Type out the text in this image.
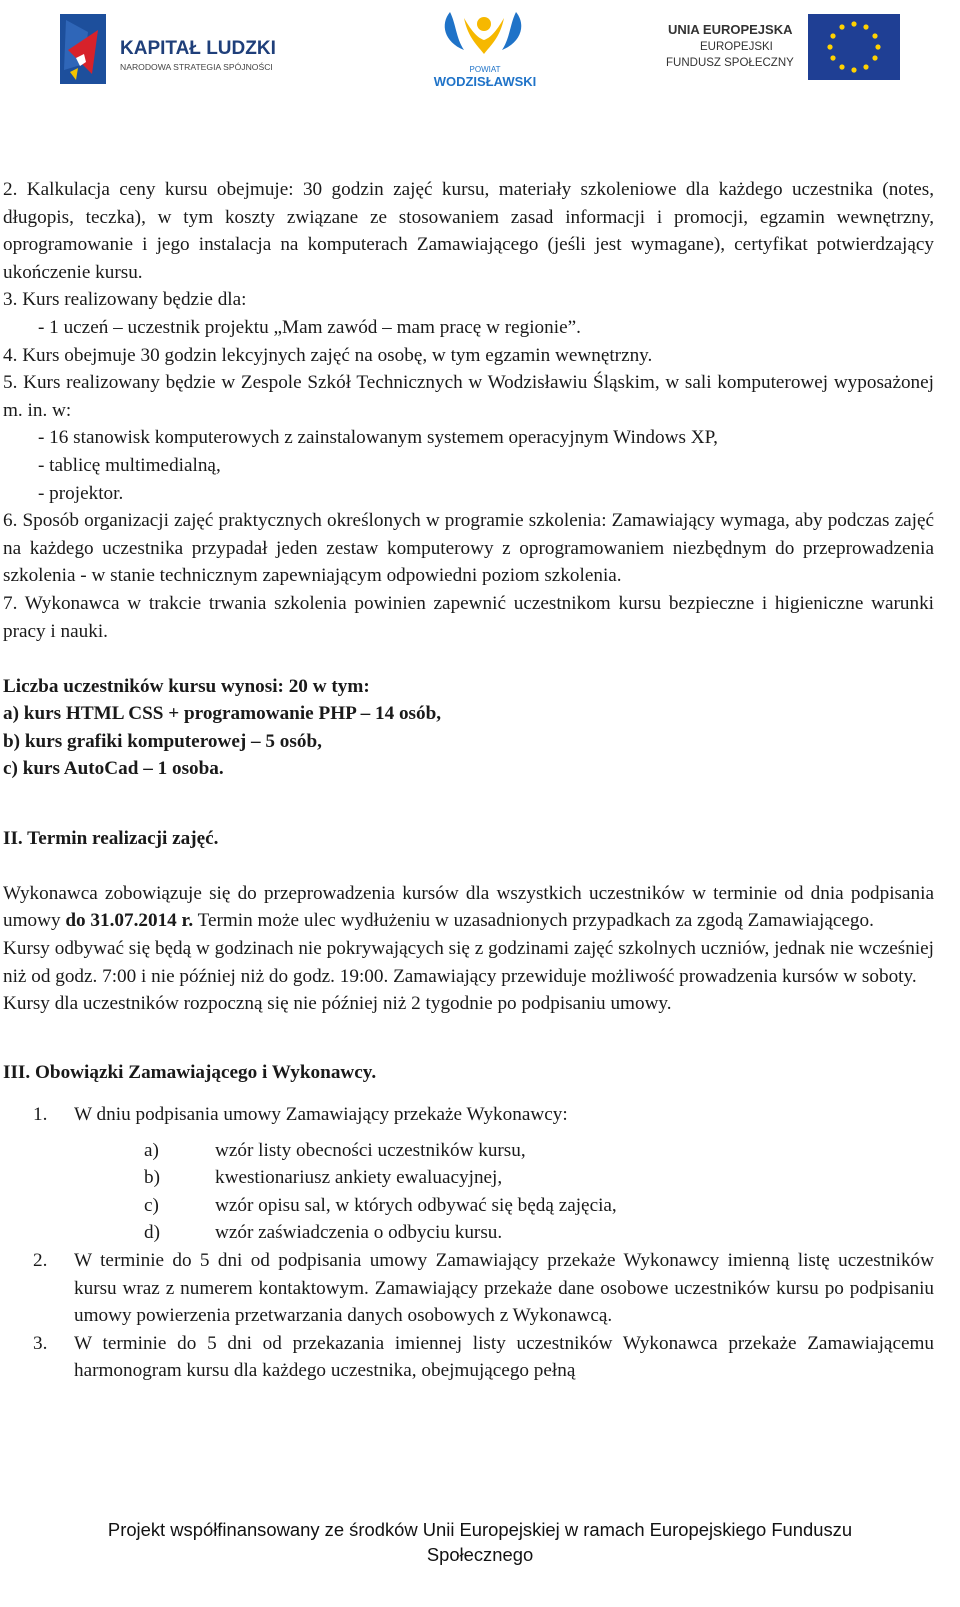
KAPITAŁ LUDZKI
NARODOWA STRATEGIA SPÓJNOŚCI	POWIAT
WODZISŁAWSKI
UNIA EUROPEJSKA
EUROPEJSKI
FUNDUSZ SPOŁECZNY

2. Kalkulacja ceny kursu obejmuje: 30 godzin zajęć kursu, materiały szkoleniowe dla każdego uczestnika (notes, długopis, teczka), w tym koszty związane ze stosowaniem zasad informacji i promocji, egzamin wewnętrzny, oprogramowanie i jego instalacja na komputerach Zamawiającego (jeśli jest wymagane), certyfikat potwierdzający ukończenie kursu.

3. Kurs realizowany będzie dla:

- 1 uczeń – uczestnik projektu „Mam zawód – mam pracę w regionie”.

4. Kurs obejmuje 30 godzin lekcyjnych zajęć na osobę, w tym egzamin wewnętrzny.

5. Kurs realizowany będzie w Zespole Szkół Technicznych w Wodzisławiu Śląskim, w sali komputerowej wyposażonej m. in. w:

- 16 stanowisk komputerowych z zainstalowanym systemem operacyjnym Windows XP,

- tablicę multimedialną,

- projektor.

6. Sposób organizacji zajęć praktycznych określonych w programie szkolenia: Zamawiający wymaga, aby podczas zajęć na każdego uczestnika przypadał jeden zestaw komputerowy z oprogramowaniem niezbędnym do przeprowadzenia szkolenia - w stanie technicznym zapewniającym odpowiedni poziom szkolenia.

7. Wykonawca w trakcie trwania szkolenia powinien zapewnić uczestnikom kursu bezpieczne i higieniczne warunki pracy i nauki.

Liczba uczestników kursu wynosi: 20 w tym:

a) kurs HTML CSS + programowanie PHP – 14 osób,

b) kurs grafiki komputerowej – 5 osób,

c) kurs AutoCad – 1 osoba.

II. Termin realizacji zajęć.

Wykonawca zobowiązuje się do przeprowadzenia kursów dla wszystkich uczestników w terminie od dnia podpisania umowy do 31.07.2014 r. Termin może ulec wydłużeniu w uzasadnionych przypadkach za zgodą Zamawiającego.

Kursy odbywać się będą w godzinach nie pokrywających się z godzinami zajęć szkolnych uczniów, jednak nie wcześniej niż od godz. 7:00 i nie później niż do godz. 19:00. Zamawiający przewiduje możliwość prowadzenia kursów w soboty.

Kursy dla uczestników rozpoczną się nie później niż 2 tygodnie po podpisaniu umowy.

III. Obowiązki Zamawiającego i Wykonawcy.

1. W dniu podpisania umowy Zamawiający przekaże Wykonawcy:
a)	wzór listy obecności uczestników kursu,
b)	kwestionariusz ankiety ewaluacyjnej,
c)	wzór opisu sal, w których odbywać się będą zajęcia,
d)	wzór zaświadczenia o odbyciu kursu.
2. W terminie do 5 dni od podpisania umowy Zamawiający przekaże Wykonawcy imienną listę uczestników kursu wraz z numerem kontaktowym. Zamawiający przekaże dane osobowe uczestników kursu po podpisaniu umowy powierzenia przetwarzania danych osobowych z Wykonawcą.
3. W terminie do 5 dni od przekazania imiennej listy uczestników Wykonawca przekaże Zamawiającemu harmonogram kursu dla każdego uczestnika, obejmującego pełną
Projekt współfinansowany ze środków Unii Europejskiej w ramach Europejskiego Funduszu Społecznego
